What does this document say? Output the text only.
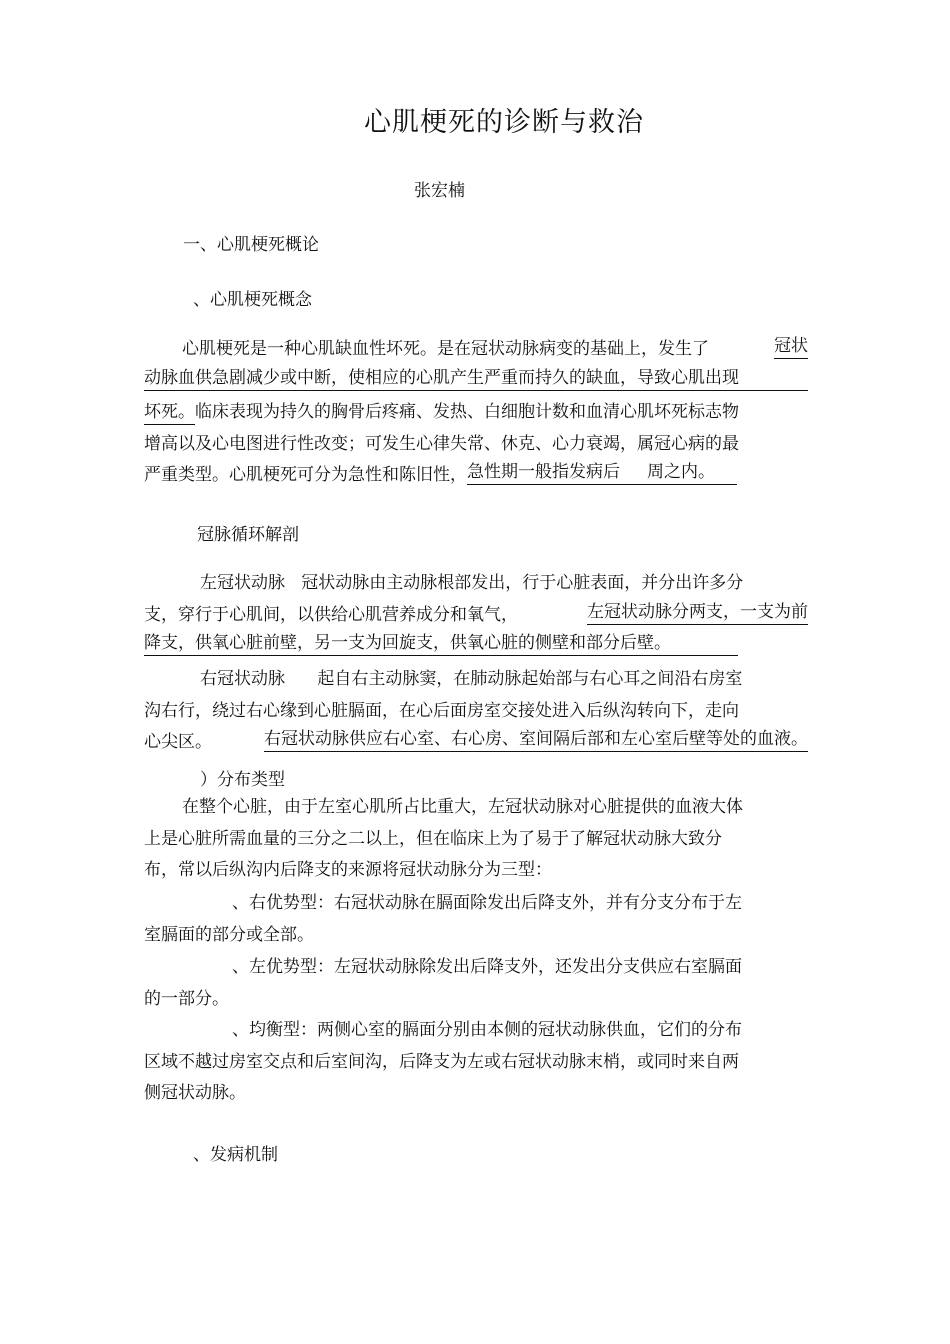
心肌梗死的诊断与救治
张宏楠
一、心肌梗死概论
、心肌梗死概念
心肌梗死是一种心肌缺血性坏死。是在冠状动脉病变的基础上，发生了	冠状
动脉血供急剧减少或中断，使相应的心肌产生严重而持久的缺血，导致心肌出现
坏死。临床表现为持久的胸骨后疼痛、发热、白细胞计数和血清心肌坏死标志物
增高以及心电图进行性改变；可发生心律失常、休克、心力衰竭，属冠心病的最
严重类型。心肌梗死可分为急性和陈旧性， 急性期一般指发病后     周之内。
冠脉循环解剖
左冠状动脉   冠状动脉由主动脉根部发出，行于心脏表面，并分出许多分
支，穿行于心肌间，以供给心肌营养成分和氧气，	左冠状动脉分两支，一支为前
降支，供氧心脏前壁，另一支为回旋支，供氧心脏的侧壁和部分后壁。
右冠状动脉      起自右主动脉窦，在肺动脉起始部与右心耳之间沿右房室
沟右行，绕过右心缘到心脏膈面，在心后面房室交接处进入后纵沟转向下，走向
心尖区。	右冠状动脉供应右心室、右心房、室间隔后部和左心室后壁等处的血液。
）分布类型
在整个心脏，由于左室心肌所占比重大，左冠状动脉对心脏提供的血液大体
上是心脏所需血量的三分之二以上，但在临床上为了易于了解冠状动脉大致分
布，常以后纵沟内后降支的来源将冠状动脉分为三型：
、右优势型：右冠状动脉在膈面除发出后降支外，并有分支分布于左
室膈面的部分或全部。
、左优势型：左冠状动脉除发出后降支外，还发出分支供应右室膈面
的一部分。
、均衡型：两侧心室的膈面分别由本侧的冠状动脉供血，它们的分布
区域不越过房室交点和后室间沟，后降支为左或右冠状动脉末梢，或同时来自两
侧冠状动脉。
、发病机制
